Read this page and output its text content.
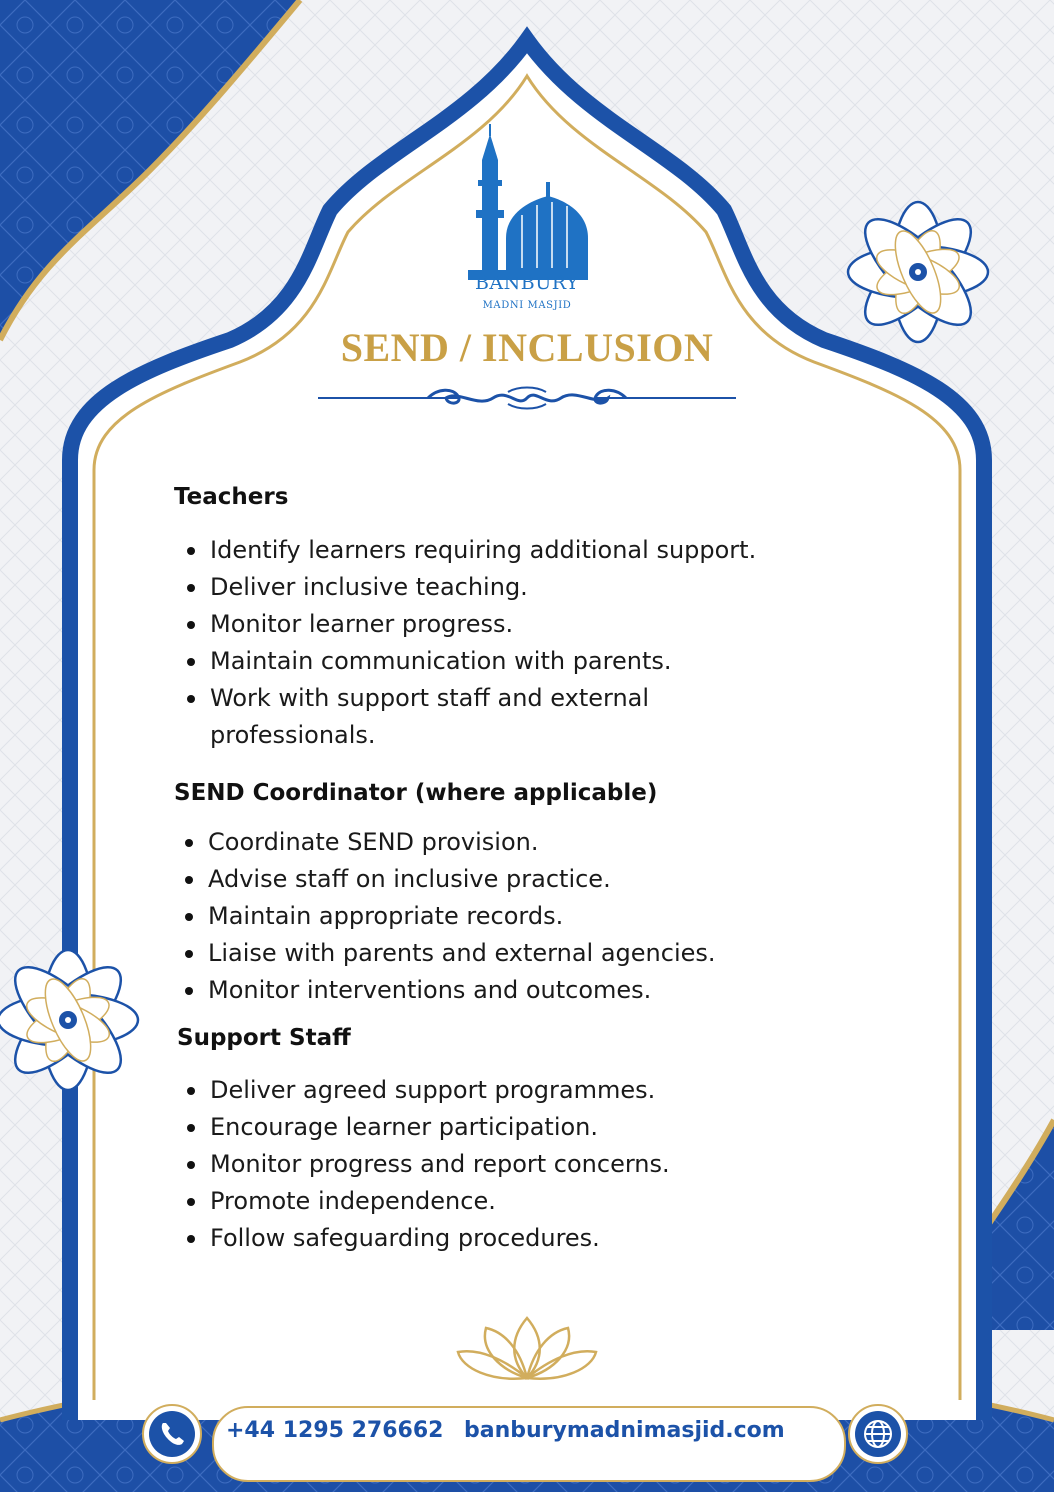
BANBURY
MADNI MASJID
SEND / INCLUSION
Teachers
Identify learners requiring additional support.
Deliver inclusive teaching.
Monitor learner progress.
Maintain communication with parents.
Work with support staff and external professionals.
SEND Coordinator (where applicable)
Coordinate SEND provision.
Advise staff on inclusive practice.
Maintain appropriate records.
Liaise with parents and external agencies.
Monitor interventions and outcomes.
Support Staff
Deliver agreed support programmes.
Encourage learner participation.
Monitor progress and report concerns.
Promote independence.
Follow safeguarding procedures.
+44 1295 276662 banburymadnimasjid.com
